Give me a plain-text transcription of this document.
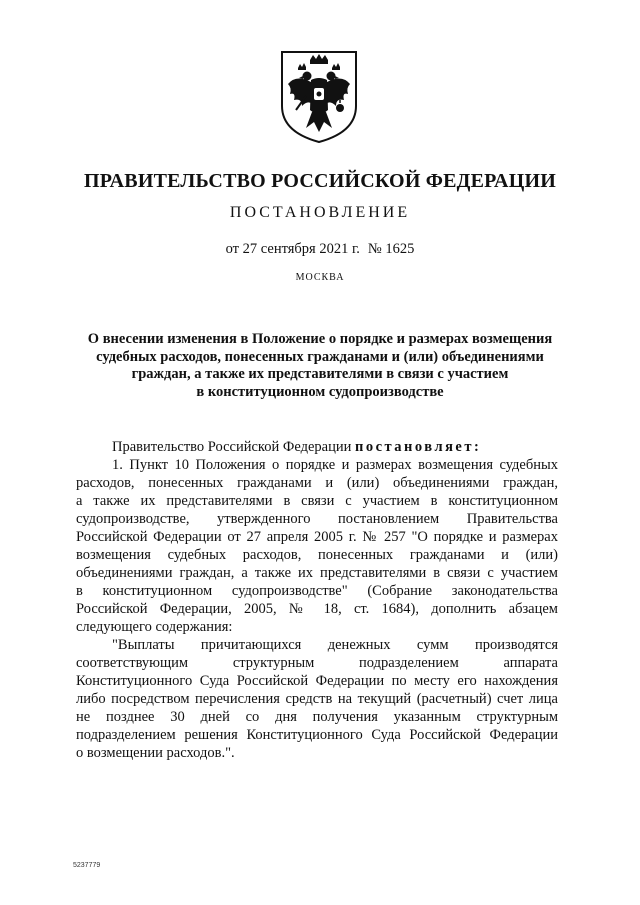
ПРАВИТЕЛЬСТВО РОССИЙСКОЙ ФЕДЕРАЦИИ
ПОСТАНОВЛЕНИЕ
от 27 сентября 2021 г. № 1625
МОСКВА

О внесении изменения в Положение о порядке и размерах возмещения
судебных расходов, понесенных гражданами и (или) объединениями
граждан, а также их представителями в связи с участием
в конституционном судопроизводстве

Правительство Российской Федерации постановляет:
1. Пункт 10 Положения о порядке и размерах возмещения судебных
расходов, понесенных гражданами и (или) объединениями граждан,
а также их представителями в связи с участием в конституционном
судопроизводстве, утвержденного постановлением Правительства
Российской Федерации от 27 апреля 2005 г. № 257 "О порядке и размерах
возмещения судебных расходов, понесенных гражданами и (или)
объединениями граждан, а также их представителями в связи с участием
в конституционном судопроизводстве" (Собрание законодательства
Российской Федерации, 2005, № 18, ст. 1684), дополнить абзацем
следующего содержания:
"Выплаты причитающихся денежных сумм производятся
соответствующим структурным подразделением аппарата
Конституционного Суда Российской Федерации по месту его нахождения
либо посредством перечисления средств на текущий (расчетный) счет лица
не позднее 30 дней со дня получения указанным структурным
подразделением решения Конституционного Суда Российской Федерации
о возмещении расходов.".
5237779
